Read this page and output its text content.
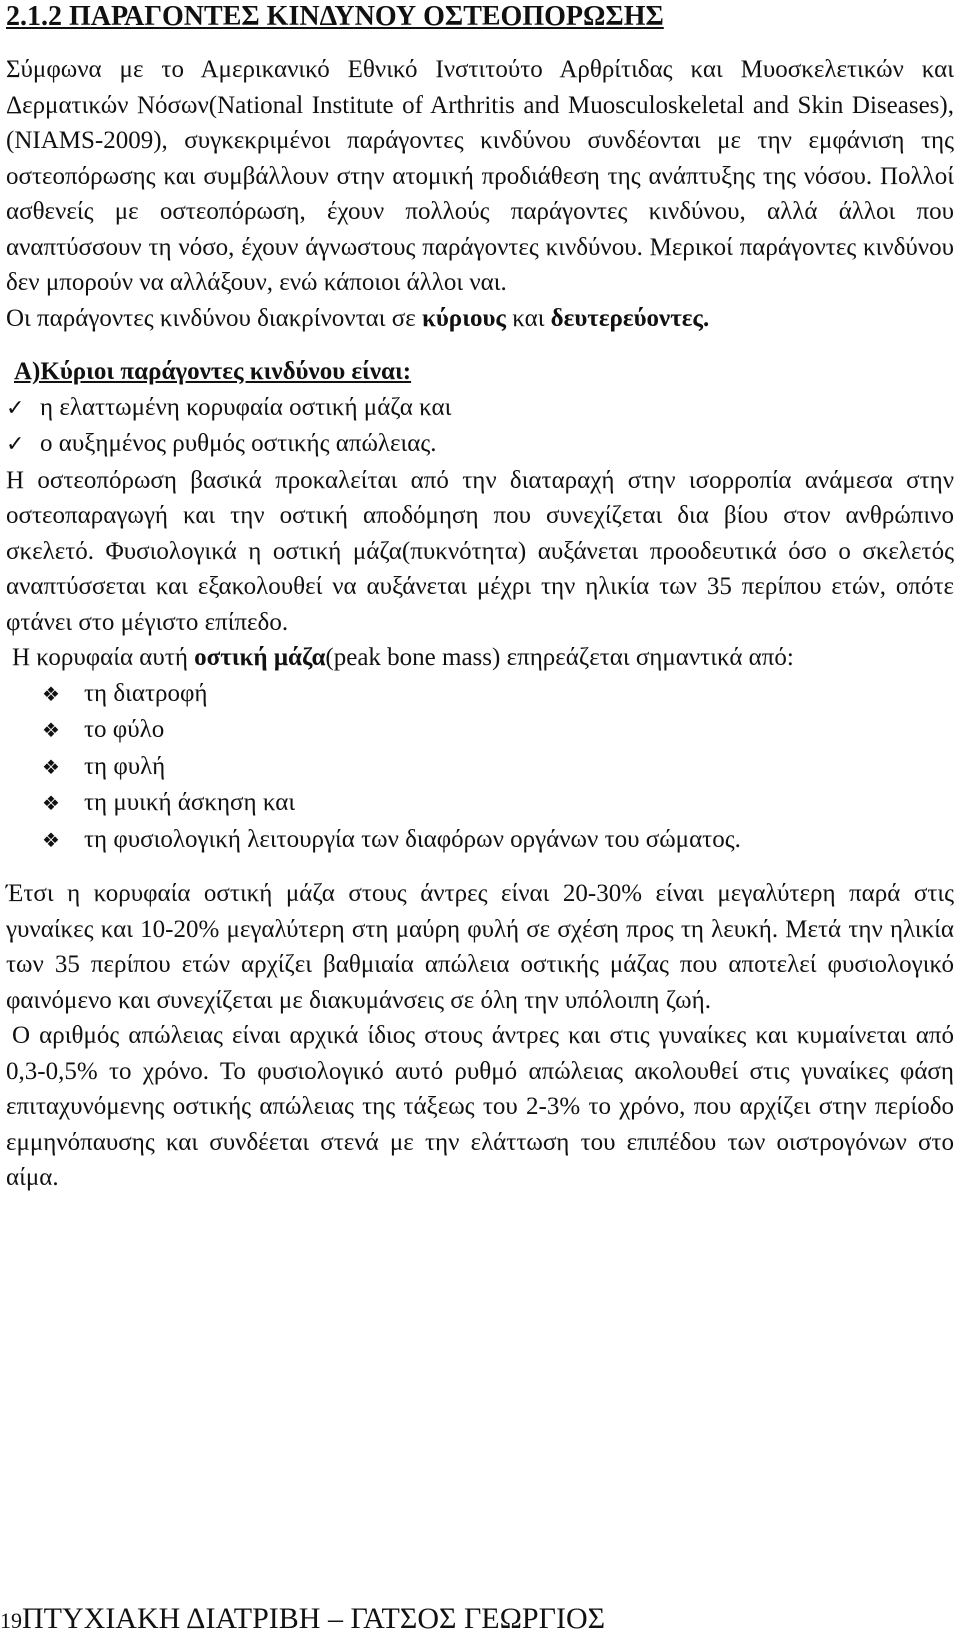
2.1.2 ΠΑΡΑΓΟΝΤΕΣ ΚΙΝΔΥΝΟΥ ΟΣΤΕΟΠΟΡΩΣΗΣ

Σύμφωνα με το Αμερικανικό Εθνικό Ινστιτούτο Αρθρίτιδας και Μυοσκελετικών και Δερματικών Νόσων(National Institute of Arthritis and Muosculoskeletal and Skin Diseases),(NIAMS-2009), συγκεκριμένοι παράγοντες κινδύνου συνδέονται με την εμφάνιση της οστεοπόρωσης και συμβάλλουν στην ατομική προδιάθεση της ανάπτυξης της νόσου. Πολλοί ασθενείς με οστεοπόρωση, έχουν πολλούς παράγοντες κινδύνου, αλλά άλλοι που αναπτύσσουν τη νόσο, έχουν άγνωστους παράγοντες κινδύνου. Μερικοί παράγοντες κινδύνου δεν μπορούν να αλλάξουν, ενώ κάποιοι άλλοι ναι.

Οι παράγοντες κινδύνου διακρίνονται σε κύριους και δευτερεύοντες.

Α)Κύριοι παράγοντες κινδύνου είναι:

✓ η ελαττωμένη κορυφαία οστική μάζα και
✓ ο αυξημένος ρυθμός οστικής απώλειας.

Η οστεοπόρωση βασικά προκαλείται από την διαταραχή στην ισορροπία ανάμεσα στην οστεοπαραγωγή και την οστική αποδόμηση που συνεχίζεται δια βίου στον ανθρώπινο σκελετό. Φυσιολογικά η οστική μάζα(πυκνότητα) αυξάνεται προοδευτικά όσο ο σκελετός αναπτύσσεται και εξακολουθεί να αυξάνεται μέχρι την ηλικία των 35 περίπου ετών, οπότε φτάνει στο μέγιστο επίπεδο.

Η κορυφαία αυτή οστική μάζα(peak bone mass) επηρεάζεται σημαντικά από:

❖ τη διατροφή
❖ το φύλο
❖ τη φυλή
❖ τη μυική άσκηση και
❖ τη φυσιολογική λειτουργία των διαφόρων οργάνων του σώματος.

Έτσι η κορυφαία οστική μάζα στους άντρες είναι 20-30% είναι μεγαλύτερη παρά στις γυναίκες και 10-20% μεγαλύτερη στη μαύρη φυλή σε σχέση προς τη λευκή. Μετά την ηλικία των 35 περίπου ετών αρχίζει βαθμιαία απώλεια οστικής μάζας που αποτελεί φυσιολογικό φαινόμενο και συνεχίζεται με διακυμάνσεις σε όλη την υπόλοιπη ζωή.

Ο αριθμός απώλειας είναι αρχικά ίδιος στους άντρες και στις γυναίκες και κυμαίνεται από 0,3-0,5% το χρόνο. Το φυσιολογικό αυτό ρυθμό απώλειας ακολουθεί στις γυναίκες φάση επιταχυνόμενης οστικής απώλειας της τάξεως του 2-3% το χρόνο, που αρχίζει στην περίοδο εμμηνόπαυσης και συνδέεται στενά με την ελάττωση του επιπέδου των οιστρογόνων στο αίμα.

19ΠΤΥΧΙΑΚΗ ΔΙΑΤΡΙΒΗ – ΓΑΤΣΟΣ ΓΕΩΡΓΙΟΣ
